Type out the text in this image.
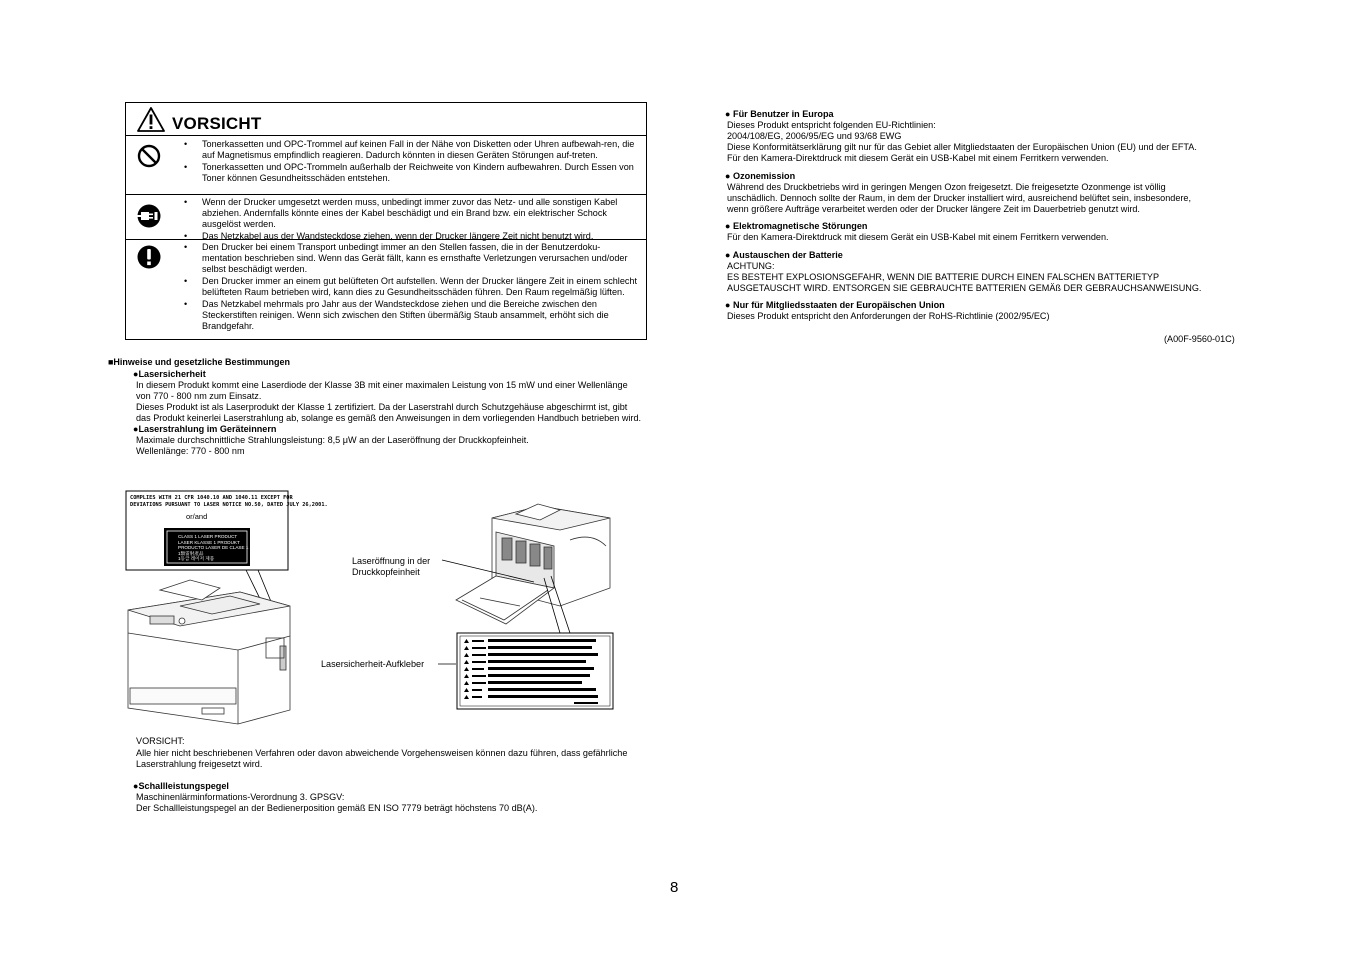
VORSICHT
• Tonerkassetten und OPC-Trommel auf keinen Fall in der Nähe von Disketten oder Uhren aufbewah-ren, die auf Magnetismus empfindlich reagieren. Dadurch könnten in diesen Geräten Störungen auf-treten.
• Tonerkassetten und OPC-Trommeln außerhalb der Reichweite von Kindern aufbewahren. Durch Essen von Toner können Gesundheitsschäden entstehen.
• Wenn der Drucker umgesetzt werden muss, unbedingt immer zuvor das Netz- und alle sonstigen Kabel abziehen. Andernfalls könnte eines der Kabel beschädigt und ein Brand bzw. ein elektrischer Schock ausgelöst werden.
• Das Netzkabel aus der Wandsteckdose ziehen, wenn der Drucker längere Zeit nicht benutzt wird.
• Den Drucker bei einem Transport unbedingt immer an den Stellen fassen, die in der Benutzerdoku-mentation beschrieben sind. Wenn das Gerät fällt, kann es ernsthafte Verletzungen verursachen und/oder selbst beschädigt werden.
• Den Drucker immer an einem gut belüfteten Ort aufstellen. Wenn der Drucker längere Zeit in einem schlecht belüfteten Raum betrieben wird, kann dies zu Gesundheitsschäden führen. Den Raum regelmäßig lüften.
• Das Netzkabel mehrmals pro Jahr aus der Wandsteckdose ziehen und die Bereiche zwischen den Steckerstiften reinigen. Wenn sich zwischen den Stiften übermäßig Staub ansammelt, erhöht sich die Brandgefahr.

■Hinweise und gesetzliche Bestimmungen

●Lasersicherheit

In diesem Produkt kommt eine Laserdiode der Klasse 3B mit einer maximalen Leistung von 15 mW und einer Wellenlänge

von 770 - 800 nm zum Einsatz.

Dieses Produkt ist als Laserprodukt der Klasse 1 zertifiziert. Da der Laserstrahl durch Schutzgehäuse abgeschirmt ist, gibt

das Produkt keinerlei Laserstrahlung ab, solange es gemäß den Anweisungen in dem vorliegenden Handbuch betrieben wird.

●Laserstrahlung im Geräteinnern

Maximale durchschnittliche Strahlungsleistung: 8,5 μW an der Laseröffnung der Druckkopfeinheit.

Wellenlänge: 770 - 800 nm

COMPLIES WITH 21 CFR 1040.10 AND 1040.11 EXCEPT FOR

DEVIATIONS PURSUANT TO LASER NOTICE NO.50, DATED JULY 26,2001.

or/and

CLASS 1 LASER PRODUCT

LASER KLASSE 1 PRODUKT

PRODUCTO LASER DE CLASE 1

1類雷射產品

1등급 레이저 제품	Laseröffnung in der

Druckkopfeinheit

Lasersicherheit-Aufkleber

VORSICHT:

Alle hier nicht beschriebenen Verfahren oder davon abweichende Vorgehensweisen können dazu führen, dass gefährliche

Laserstrahlung freigesetzt wird.

●Schallleistungspegel

Maschinenlärminformations-Verordnung 3. GPSGV:

Der Schallleistungspegel an der Bedienerposition gemäß EN ISO 7779 beträgt höchstens 70 dB(A).

● Für Benutzer in Europa

Dieses Produkt entspricht folgenden EU-Richtlinien:

2004/108/EG, 2006/95/EG und 93/68 EWG

Diese Konformitätserklärung gilt nur für das Gebiet aller Mitgliedstaaten der Europäischen Union (EU) und der EFTA.

Für den Kamera-Direktdruck mit diesem Gerät ein USB-Kabel mit einem Ferritkern verwenden.

● Ozonemission

Während des Druckbetriebs wird in geringen Mengen Ozon freigesetzt. Die freigesetzte Ozonmenge ist völlig

unschädlich. Dennoch sollte der Raum, in dem der Drucker installiert wird, ausreichend belüftet sein, insbesondere,

wenn größere Aufträge verarbeitet werden oder der Drucker längere Zeit im Dauerbetrieb genutzt wird.

● Elektromagnetische Störungen

Für den Kamera-Direktdruck mit diesem Gerät ein USB-Kabel mit einem Ferritkern verwenden.

● Austauschen der Batterie

ACHTUNG:

ES BESTEHT EXPLOSIONSGEFAHR, WENN DIE BATTERIE DURCH EINEN FALSCHEN BATTERIETYP

AUSGETAUSCHT WIRD. ENTSORGEN SIE GEBRAUCHTE BATTERIEN GEMÄß DER GEBRAUCHSANWEISUNG.

● Nur für Mitgliedsstaaten der Europäischen Union

Dieses Produkt entspricht den Anforderungen der RoHS-Richtlinie (2002/95/EC)

(A00F-9560-01C)

8
